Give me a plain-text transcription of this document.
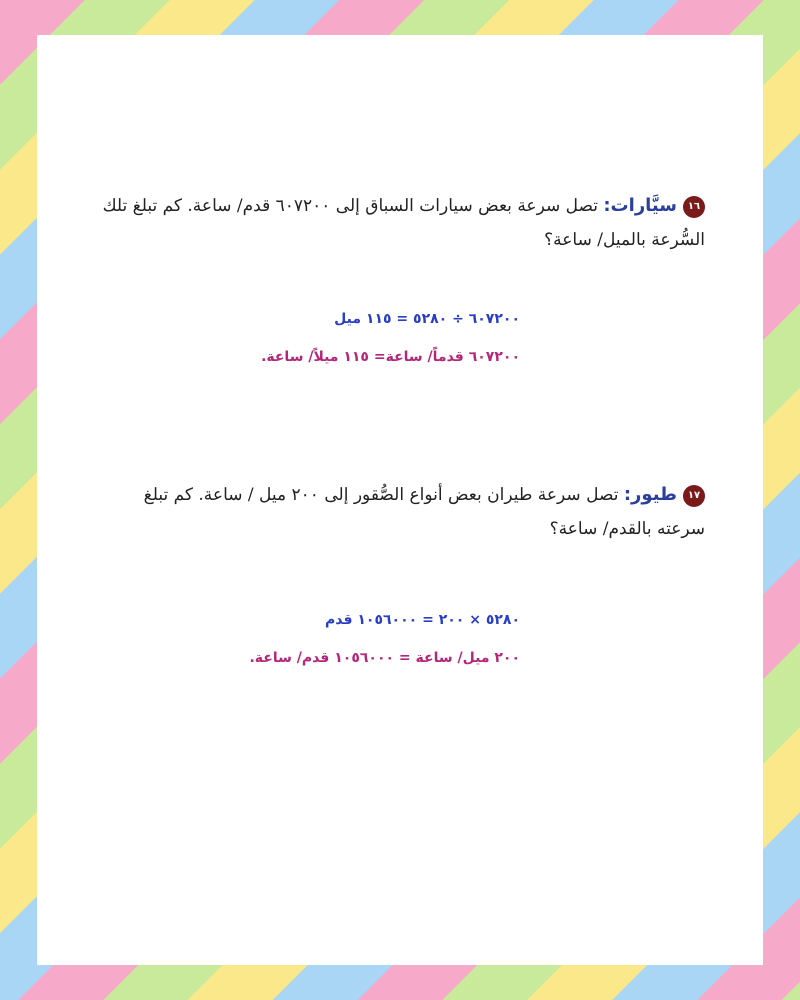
١٦سيَّارات: تصل سرعة بعض سيارات السباق إلى ٦٠٧٢٠٠ قدم/ ساعة. كم تبلغ تلك السُّرعة بالميل/ ساعة؟
٦٠٧٢٠٠ ÷ ٥٢٨٠ = ١١٥ ميل
٦٠٧٢٠٠ قدماً/ ساعة= ١١٥ ميلاً/ ساعة.
١٧طيور: تصل سرعة طيران بعض أنواع الصُّقور إلى ٢٠٠ ميل / ساعة. كم تبلغ سرعته بالقدم/ ساعة؟
٥٢٨٠ × ٢٠٠ = ١٠٥٦٠٠٠ قدم
٢٠٠ ميل/ ساعة = ١٠٥٦٠٠٠ قدم/ ساعة.
